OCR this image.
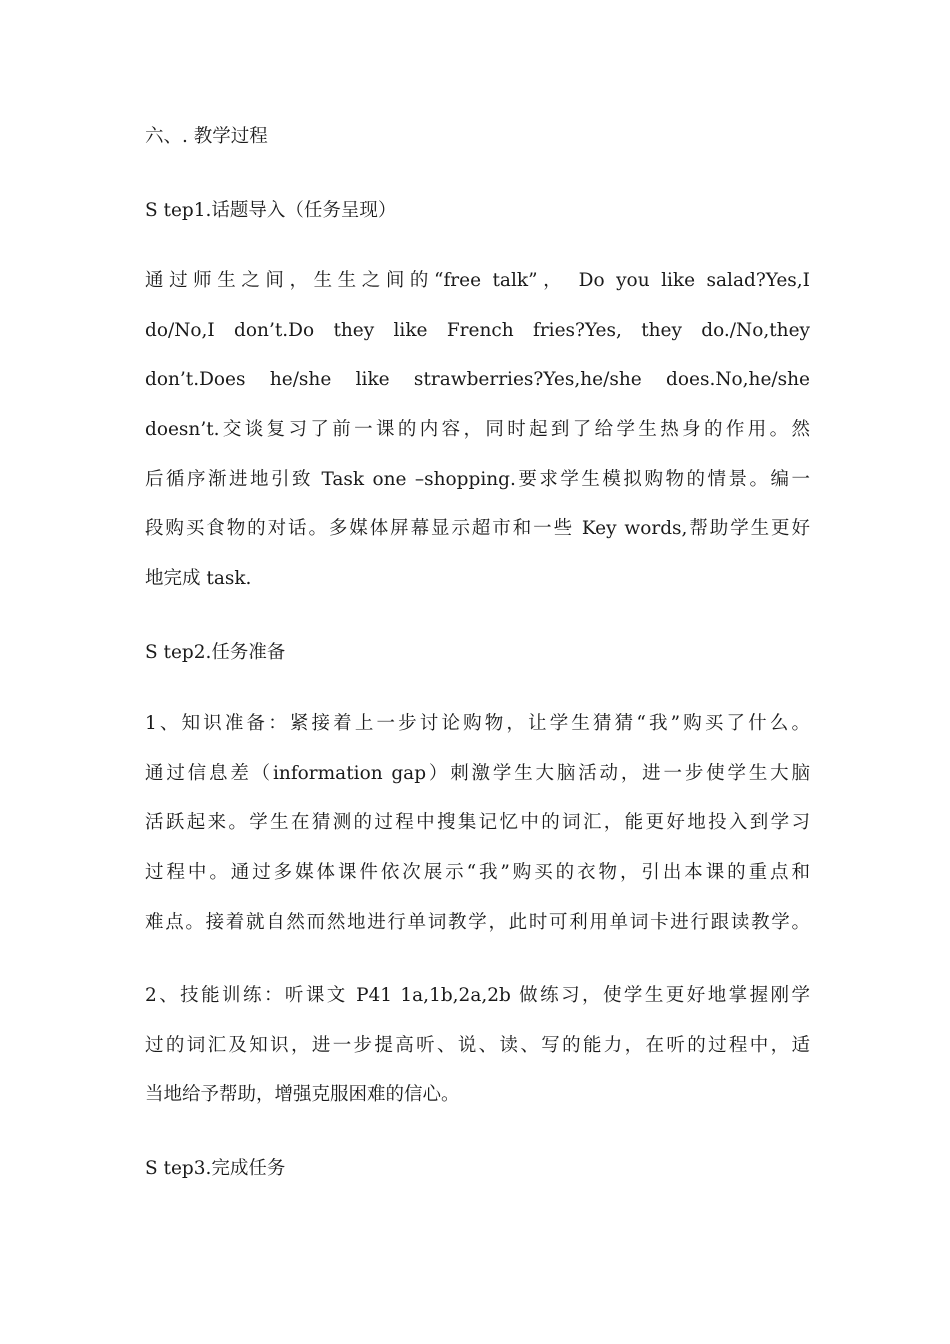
六、. 教学过程
S tep1.话题导入（任务呈现）
通过师生之间，生生之间的“free talk”， Do you like salad?Yes,I
do/No,I don’t.Do they like French fries?Yes, they do./No,they
don’t.Does he/she like strawberries?Yes,he/she does.No,he/she
doesn’t.交谈复习了前一课的内容，同时起到了给学生热身的作用。然
后循序渐进地引致 Task one –shopping.要求学生模拟购物的情景。编一
段购买食物的对话。多媒体屏幕显示超市和一些 Key words,帮助学生更好
地完成 task.
S tep2.任务准备
1、知识准备：紧接着上一步讨论购物，让学生猜猜“我”购买了什么。
通过信息差（information gap）刺激学生大脑活动，进一步使学生大脑
活跃起来。学生在猜测的过程中搜集记忆中的词汇，能更好地投入到学习
过程中。通过多媒体课件依次展示“我”购买的衣物，引出本课的重点和
难点。接着就自然而然地进行单词教学，此时可利用单词卡进行跟读教学。
2、技能训练：听课文 P41 1a,1b,2a,2b 做练习，使学生更好地掌握刚学
过的词汇及知识，进一步提高听、说、读、写的能力，在听的过程中，适
当地给予帮助，增强克服困难的信心。
S tep3.完成任务
